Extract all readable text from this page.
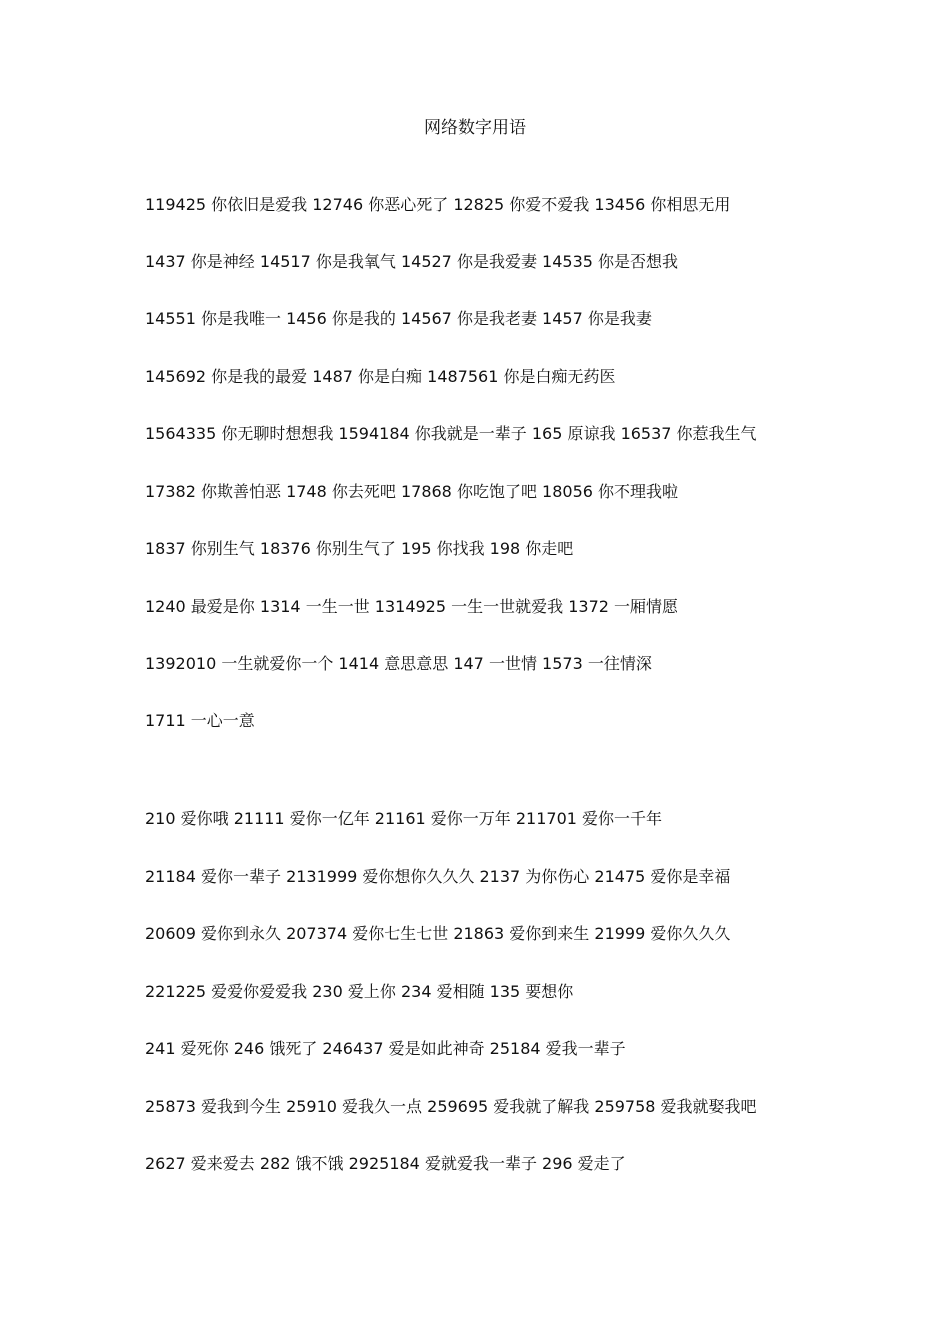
网络数字用语

119425 你依旧是爱我 12746 你恶心死了 12825 你爱不爱我 13456 你相思无用

1437 你是神经 14517 你是我氧气 14527 你是我爱妻 14535 你是否想我

14551 你是我唯一 1456 你是我的 14567 你是我老妻 1457 你是我妻

145692 你是我的最爱 1487 你是白痴 1487561 你是白痴无药医

1564335 你无聊时想想我 1594184 你我就是一辈子 165 原谅我 16537 你惹我生气

17382 你欺善怕恶 1748 你去死吧 17868 你吃饱了吧 18056 你不理我啦

1837 你别生气 18376 你别生气了 195 你找我 198 你走吧

1240 最爱是你 1314 一生一世 1314925 一生一世就爱我 1372 一厢情愿

1392010 一生就爱你一个 1414 意思意思 147 一世情 1573 一往情深

1711 一心一意

210 爱你哦 21111 爱你一亿年 21161 爱你一万年 211701 爱你一千年

21184 爱你一辈子 2131999 爱你想你久久久 2137 为你伤心 21475 爱你是幸福

20609 爱你到永久 207374 爱你七生七世 21863 爱你到来生 21999 爱你久久久

221225 爱爱你爱爱我 230 爱上你 234 爱相随 135 要想你

241 爱死你 246 饿死了 246437 爱是如此神奇 25184 爱我一辈子

25873 爱我到今生 25910 爱我久一点 259695 爱我就了解我 259758 爱我就娶我吧

2627 爱来爱去 282 饿不饿 2925184 爱就爱我一辈子 296 爱走了
